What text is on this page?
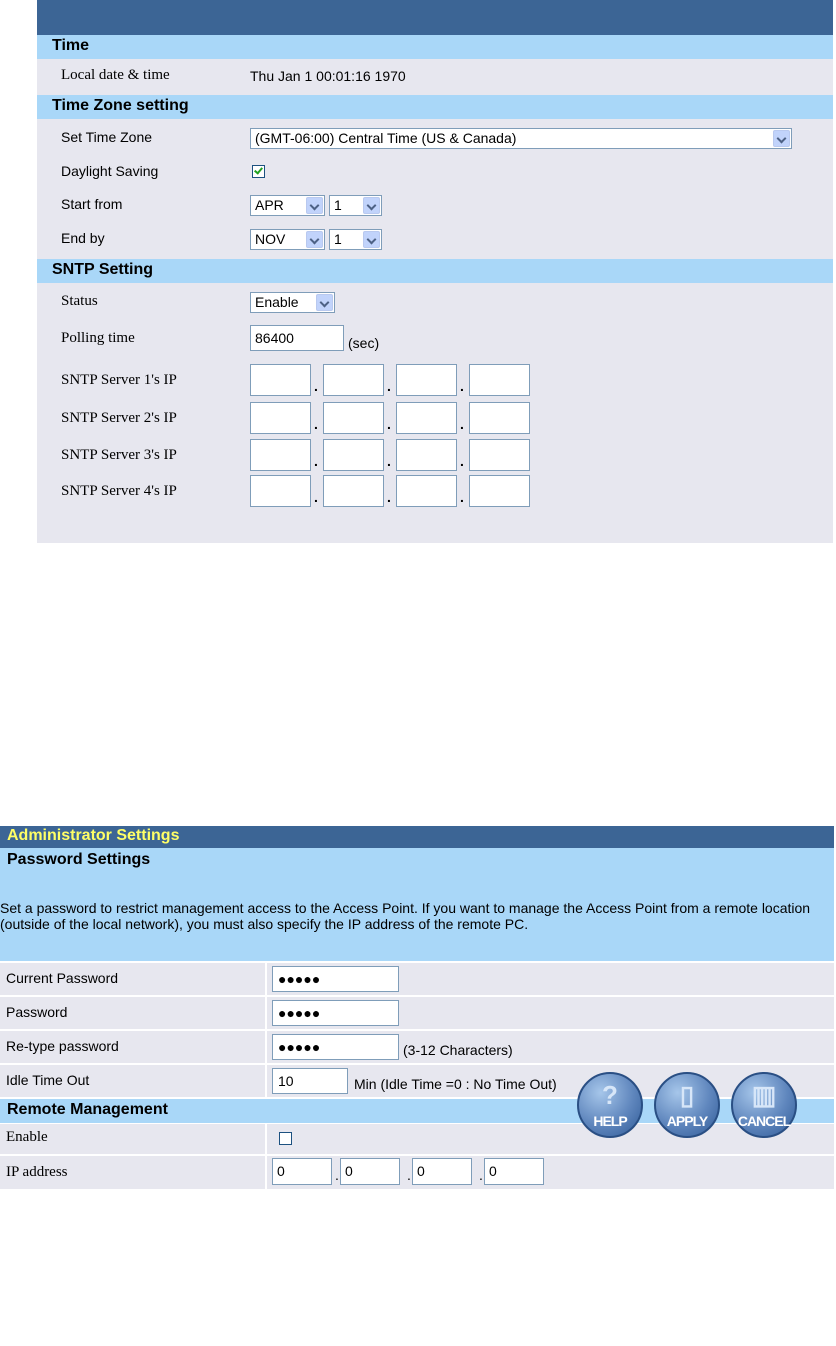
Time
Local date & time	Thu Jan 1 00:01:16 1970
Time Zone setting
Set Time Zone	(GMT-06:00) Central Time (US & Canada)
Daylight Saving
Start from	APR	1
End by	NOV	1
SNTP Setting
Status	Enable
Polling time	86400	(sec)
SNTP Server 1's IP	.	.	.
SNTP Server 2's IP	.	.	.
SNTP Server 3's IP	.	.	.
SNTP Server 4's IP	.	.	.
Administrator Settings
Password Settings
Set a password to restrict management access to the Access Point. If you want to manage the Access Point from a remote location (outside of the local network), you must also specify the IP address of the remote PC.
Current Password	●●●●●
Password	●●●●●
Re-type password	●●●●●	(3-12 Characters)
Idle Time Out	10	Min (Idle Time =0 : No Time Out)
Remote Management
Enable
IP address	0	. 0	. 0	. 0
?
HELP
▯
APPLY
▥
CANCEL
